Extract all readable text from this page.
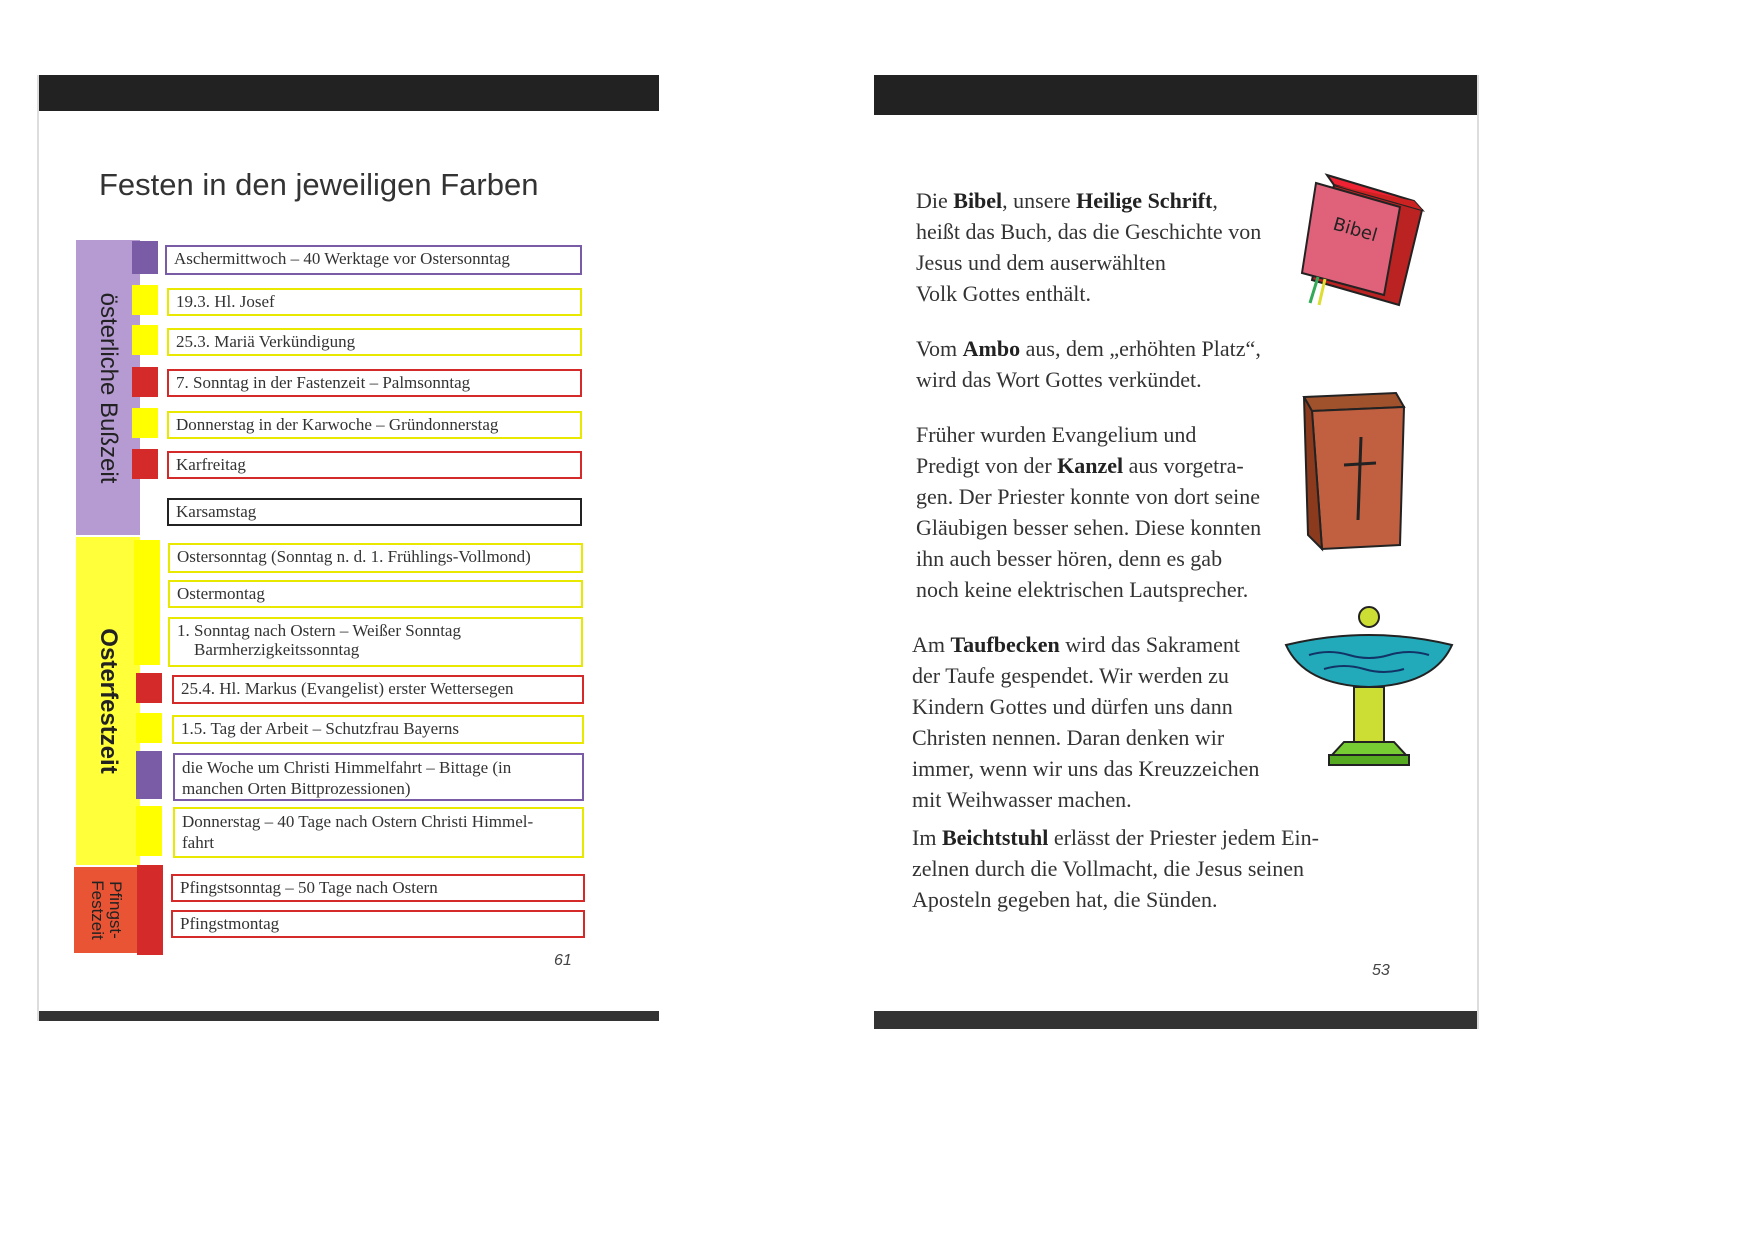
Festen in den jeweiligen Farben
österliche Bußzeit
Osterfestzeit
Pfingst-
Festzeit
Aschermittwoch – 40 Werktage vor Ostersonntag
19.3. Hl. Josef
25.3. Mariä Verkündigung
7. Sonntag in der Fastenzeit – Palmsonntag
Donnerstag in der Karwoche – Gründonnerstag
Karfreitag
Karsamstag
Ostersonntag (Sonntag n. d. 1. Frühlings-Vollmond)
Ostermontag
1. Sonntag nach Ostern – Weißer Sonntag
Barmherzigkeitssonntag
25.4. Hl. Markus (Evangelist) erster Wettersegen
1.5. Tag der Arbeit – Schutzfrau Bayerns
die Woche um Christi Himmelfahrt – Bittage (in
manchen Orten Bittprozessionen)
Donnerstag – 40 Tage nach Ostern Christi Himmel-
fahrt
Pfingstsonntag – 50 Tage nach Ostern
Pfingstmontag
61
Die Bibel, unsere Heilige Schrift,
heißt das Buch, das die Geschichte von
Jesus und dem auserwählten
Volk Gottes enthält.
Vom Ambo aus, dem „erhöhten Platz“,
wird das Wort Gottes verkündet.
Früher wurden Evangelium und
Predigt von der Kanzel aus vorgetra-
gen. Der Priester konnte von dort seine
Gläubigen besser sehen. Diese konnten
ihn auch besser hören, denn es gab
noch keine elektrischen Lautsprecher.
Am Taufbecken wird das Sakrament
der Taufe gespendet. Wir werden zu
Kindern Gottes und dürfen uns dann
Christen nennen. Daran denken wir
immer, wenn wir uns das Kreuzzeichen
mit Weihwasser machen.
Im Beichtstuhl erlässt der Priester jedem Ein-
zelnen durch die Vollmacht, die Jesus seinen
Aposteln gegeben hat, die Sünden.
Bibel
53
